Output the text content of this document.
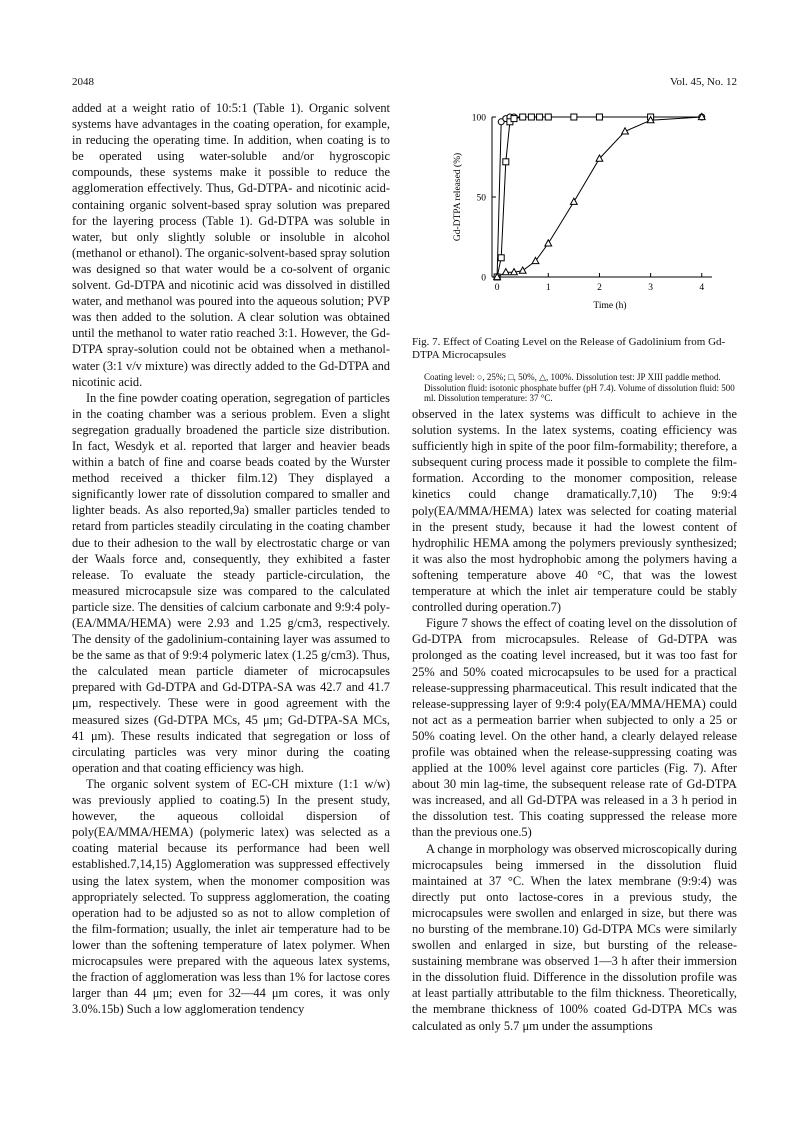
2048	Vol. 45, No. 12

added at a weight ratio of 10:5:1 (Table 1). Organic solvent systems have advantages in the coating operation, for example, in reducing the operating time. In addition, when coating is to be operated using water-soluble and/or hygroscopic compounds, these systems make it possible to reduce the agglomeration effectively. Thus, Gd-DTPA- and nicotinic acid-containing organic solvent-based spray solution was prepared for the layering process (Table 1). Gd-DTPA was soluble in water, but only slightly soluble or insoluble in alcohol (methanol or ethanol). The organic-solvent-based spray solution was designed so that water would be a co-solvent of organic solvent. Gd-DTPA and nicotinic acid was dissolved in distilled water, and methanol was poured into the aqueous solution; PVP was then added to the solution. A clear solution was obtained until the methanol to water ratio reached 3:1. However, the Gd-DTPA spray-solution could not be obtained when a methanol-water (3:1 v/v mixture) was directly added to the Gd-DTPA and nicotinic acid.

In the fine powder coating operation, segregation of particles in the coating chamber was a serious problem. Even a slight segregation gradually broadened the particle size distribution. In fact, Wesdyk et al. reported that larger and heavier beads within a batch of fine and coarse beads coated by the Wurster method received a thicker film.12) They displayed a significantly lower rate of dissolution compared to smaller and lighter beads. As also reported,9a) smaller particles tended to retard from particles steadily circulating in the coating chamber due to their adhesion to the wall by electrostatic charge or van der Waals force and, consequently, they exhibited a faster release. To evaluate the steady particle-circulation, the measured microcapsule size was compared to the calculated particle size. The densities of calcium carbonate and 9:9:4 poly-(EA/MMA/HEMA) were 2.93 and 1.25 g/cm3, respectively. The density of the gadolinium-containing layer was assumed to be the same as that of 9:9:4 polymeric latex (1.25 g/cm3). Thus, the calculated mean particle diameter of microcapsules prepared with Gd-DTPA and Gd-DTPA-SA was 42.7 and 41.7 μm, respectively. These were in good agreement with the measured sizes (Gd-DTPA MCs, 45 μm; Gd-DTPA-SA MCs, 41 μm). These results indicated that segregation or loss of circulating particles was very minor during the coating operation and that coating efficiency was high.

The organic solvent system of EC-CH mixture (1:1 w/w) was previously applied to coating.5) In the present study, however, the aqueous colloidal dispersion of poly(EA/MMA/HEMA) (polymeric latex) was selected as a coating material because its performance had been well established.7,14,15) Agglomeration was suppressed effectively using the latex system, when the monomer composition was appropriately selected. To suppress agglomeration, the coating operation had to be adjusted so as not to allow completion of the film-formation; usually, the inlet air temperature had to be lower than the softening temperature of latex polymer. When microcapsules were prepared with the aqueous latex systems, the fraction of agglomeration was less than 1% for lactose cores larger than 44 μm; even for 32—44 μm cores, it was only 3.0%.15b) Such a low agglomeration tendency

0
50
100
0	1	2	3	4
Time (h)
Gd-DTPA released (%)
Fig. 7. Effect of Coating Level on the Release of Gadolinium from Gd-DTPA Microcapsules
Coating level: ○, 25%; □, 50%, △, 100%. Dissolution test: JP XIII paddle method. Dissolution fluid: isotonic phosphate buffer (pH 7.4). Volume of dissolution fluid: 500 ml. Dissolution temperature: 37 °C.

observed in the latex systems was difficult to achieve in the solution systems. In the latex systems, coating efficiency was sufficiently high in spite of the poor film-formability; therefore, a subsequent curing process made it possible to complete the film-formation. According to the monomer composition, release kinetics could change dramatically.7,10) The 9:9:4 poly(EA/MMA/HEMA) latex was selected for coating material in the present study, because it had the lowest content of hydrophilic HEMA among the polymers previously synthesized; it was also the most hydrophobic among the polymers having a softening temperature above 40 °C, that was the lowest temperature at which the inlet air temperature could be stably controlled during operation.7)

Figure 7 shows the effect of coating level on the dissolution of Gd-DTPA from microcapsules. Release of Gd-DTPA was prolonged as the coating level increased, but it was too fast for 25% and 50% coated microcapsules to be used for a practical release-suppressing pharmaceutical. This result indicated that the release-suppressing layer of 9:9:4 poly(EA/MMA/HEMA) could not act as a permeation barrier when subjected to only a 25 or 50% coating level. On the other hand, a clearly delayed release profile was obtained when the release-suppressing coating was applied at the 100% level against core particles (Fig. 7). After about 30 min lag-time, the subsequent release rate of Gd-DTPA was increased, and all Gd-DTPA was released in a 3 h period in the dissolution test. This coating suppressed the release more than the previous one.5)

A change in morphology was observed microscopically during microcapsules being immersed in the dissolution fluid maintained at 37 °C. When the latex membrane (9:9:4) was directly put onto lactose-cores in a previous study, the microcapsules were swollen and enlarged in size, but there was no bursting of the membrane.10) Gd-DTPA MCs were similarly swollen and enlarged in size, but bursting of the release-sustaining membrane was observed 1—3 h after their immersion in the dissolution fluid. Difference in the dissolution profile was at least partially attributable to the film thickness. Theoretically, the membrane thickness of 100% coated Gd-DTPA MCs was calculated as only 5.7 μm under the assumptions
